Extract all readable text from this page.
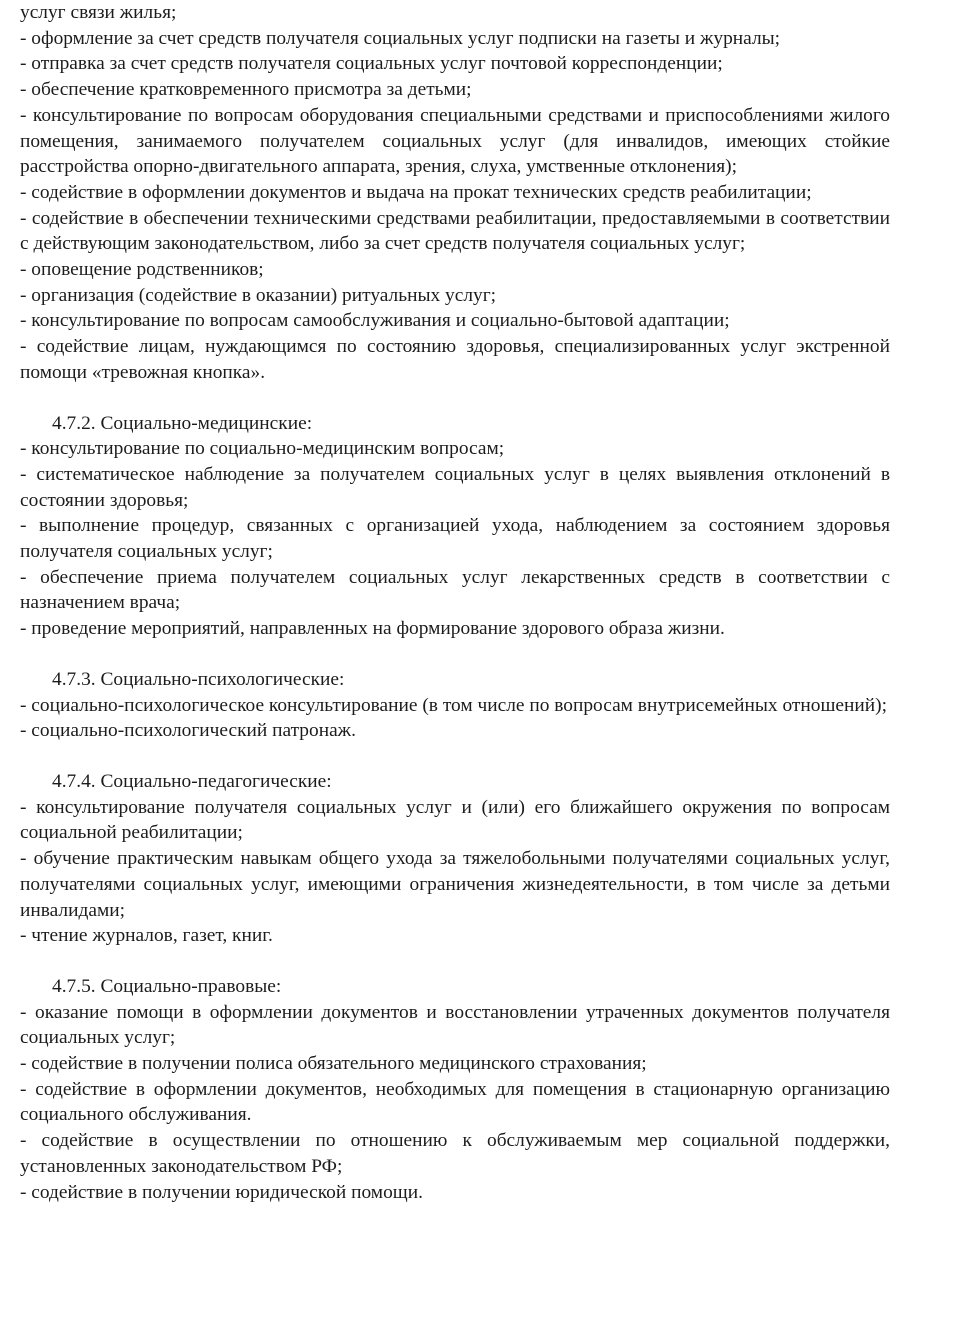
услуг связи жилья;

- оформление за счет средств получателя социальных услуг подписки на газеты и журналы;

- отправка за счет средств получателя социальных услуг почтовой корреспонденции;

- обеспечение кратковременного присмотра за детьми;

- консультирование по вопросам оборудования специальными средствами и приспособлениями жилого помещения, занимаемого получателем социальных услуг (для инвалидов, имеющих стойкие расстройства опорно-двигательного аппарата, зрения, слуха, умственные отклонения);

- содействие в оформлении документов и выдача на прокат технических средств реабилитации;

- содействие в обеспечении техническими средствами реабилитации, предоставляемыми в соответствии с действующим законодательством, либо за счет средств получателя социальных услуг;

- оповещение родственников;

- организация (содействие в оказании) ритуальных услуг;

- консультирование по вопросам самообслуживания и социально-бытовой адаптации;

- содействие лицам, нуждающимся по состоянию здоровья, специализированных услуг экстренной помощи «тревожная кнопка».

4.7.2. Социально-медицинские:

- консультирование по социально-медицинским вопросам;

- систематическое наблюдение за получателем социальных услуг в целях выявления отклонений в состоянии здоровья;

- выполнение процедур, связанных с организацией ухода, наблюдением за состоянием здоровья получателя социальных услуг;

- обеспечение приема получателем социальных услуг лекарственных средств в соответствии с назначением врача;

- проведение мероприятий, направленных на формирование здорового образа жизни.

4.7.3. Социально-психологические:

- социально-психологическое консультирование (в том числе по вопросам внутрисемейных отношений);

- социально-психологический патронаж.

4.7.4. Социально-педагогические:

- консультирование получателя социальных услуг и (или) его ближайшего окружения по вопросам социальной реабилитации;

- обучение практическим навыкам общего ухода за тяжелобольными получателями социальных услуг, получателями социальных услуг, имеющими ограничения жизнедеятельности, в том числе за детьми инвалидами;

- чтение журналов, газет, книг.

4.7.5. Социально-правовые:

- оказание помощи в оформлении документов и восстановлении утраченных документов получателя социальных услуг;

- содействие в получении полиса обязательного медицинского страхования;

- содействие в оформлении документов, необходимых для помещения в стационарную организацию социального обслуживания.

- содействие в осуществлении по отношению к обслуживаемым мер социальной поддержки, установленных законодательством РФ;

- содействие в получении юридической помощи.
